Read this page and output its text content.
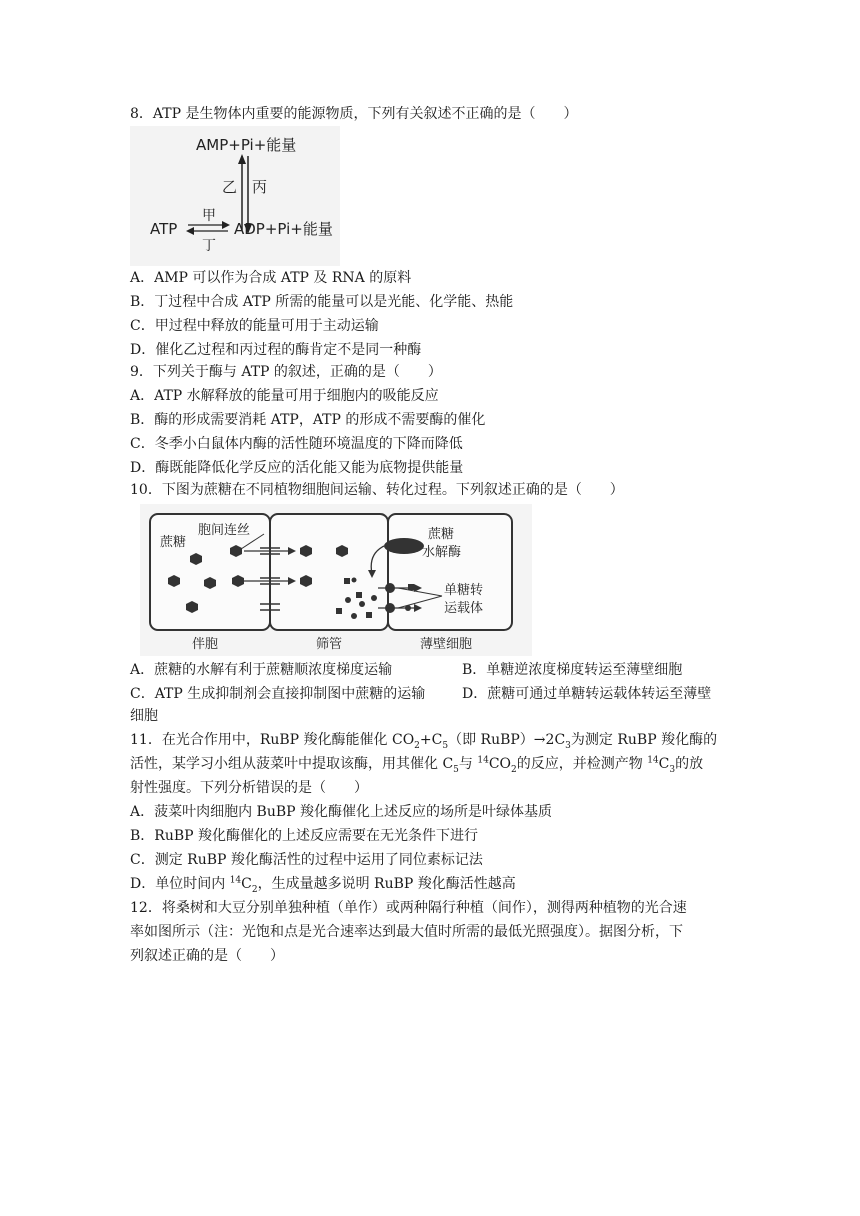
8．ATP 是生物体内重要的能源物质，下列有关叙述不正确的是（　　）
AMP+Pi+能量
乙 丙
ATP
甲
丁
ADP+Pi+能量
A．AMP 可以作为合成 ATP 及 RNA 的原料
B．丁过程中合成 ATP 所需的能量可以是光能、化学能、热能
C．甲过程中释放的能量可用于主动运输
D．催化乙过程和丙过程的酶肯定不是同一种酶
9．下列关于酶与 ATP 的叙述，正确的是（　　）
A．ATP 水解释放的能量可用于细胞内的吸能反应
B．酶的形成需要消耗 ATP，ATP 的形成不需要酶的催化
C．冬季小白鼠体内酶的活性随环境温度的下降而降低
D．酶既能降低化学反应的活化能又能为底物提供能量
10．下图为蔗糖在不同植物细胞间运输、转化过程。下列叙述正确的是（　　）
蔗糖
胞间连丝	蔗糖
水解酶
单糖转
运载体
伴胞	筛管	薄壁细胞
A．蔗糖的水解有利于蔗糖顺浓度梯度运输	B．单糖逆浓度梯度转运至薄壁细胞
C．ATP 生成抑制剂会直接抑制图中蔗糖的运输	D．蔗糖可通过单糖转运载体转运至薄壁
细胞
11．在光合作用中，RuBP 羧化酶能催化 $CO_2+C_5$（即 $RuBP)\to 2C_3$为测定 RuBP 羧化酶的
活性，某学习小组从菠菜叶中提取该酶，用其催化 $C_5$与 $^{14}CO_2$的反应，并检测产物 $^{14}C_3$的放
射性强度。下列分析错误的是（　　）
A．菠菜叶肉细胞内 BuBP 羧化酶催化上述反应的场所是叶绿体基质
B．RuBP 羧化酶催化的上述反应需要在无光条件下进行
C．测定 RuBP 羧化酶活性的过程中运用了同位素标记法
D．单位时间内 $^{14}C_2$，生成量越多说明 RuBP 羧化酶活性越高
12．将桑树和大豆分别单独种植（单作）或两种隔行种植（间作），测得两种植物的光合速
率如图所示（注：光饱和点是光合速率达到最大值时所需的最低光照强度）。据图分析，下
列叙述正确的是（　　）
